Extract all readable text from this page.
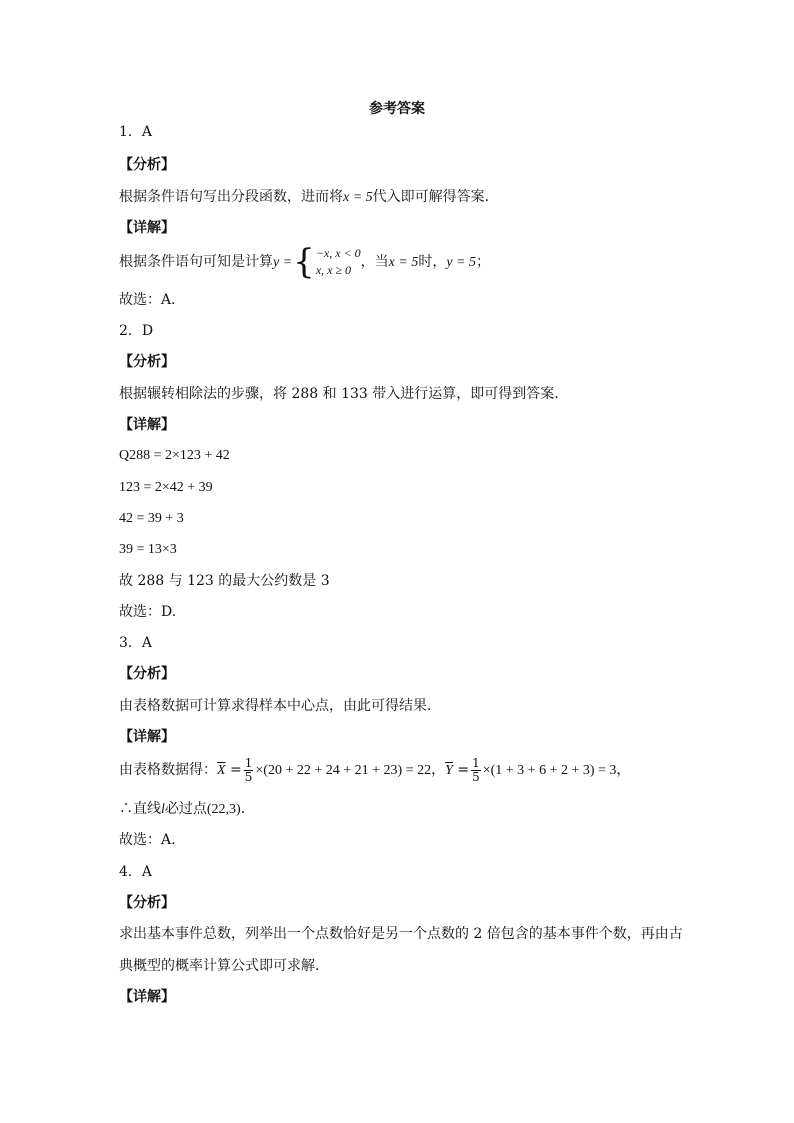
参考答案
1．A
【分析】
根据条件语句写出分段函数，进而将x = 5代入即可解得答案.
【详解】
根据条件语句可知是计算y ={ −x, x < 0
x, x ≥ 0 ，当x = 5时，y = 5；
故选：A．
2．D
【分析】
根据辗转相除法的步骤，将 288 和 133 带入进行运算，即可得到答案.
【详解】
Q288 = 2×123 + 42
123 = 2×42 + 39
42 = 39 + 3
39 = 13×3
故 288 与 123 的最大公约数是 3
故选：D.
3．A
【分析】
由表格数据可计算求得样本中心点，由此可得结果.
【详解】
由表格数据得：$\overline{X} = \frac{1}{5} \times(20 + 22 + 24 + 21 + 23) = 22$，$\overline{Y} = \frac{1}{5} \times(1 + 3 + 6 + 2 + 3) = 3$，
∴直线l必过点(22,3).
故选：A.
4．A
【分析】
求出基本事件总数，列举出一个点数恰好是另一个点数的 2 倍包含的基本事件个数，再由古
典概型的概率计算公式即可求解.
【详解】
